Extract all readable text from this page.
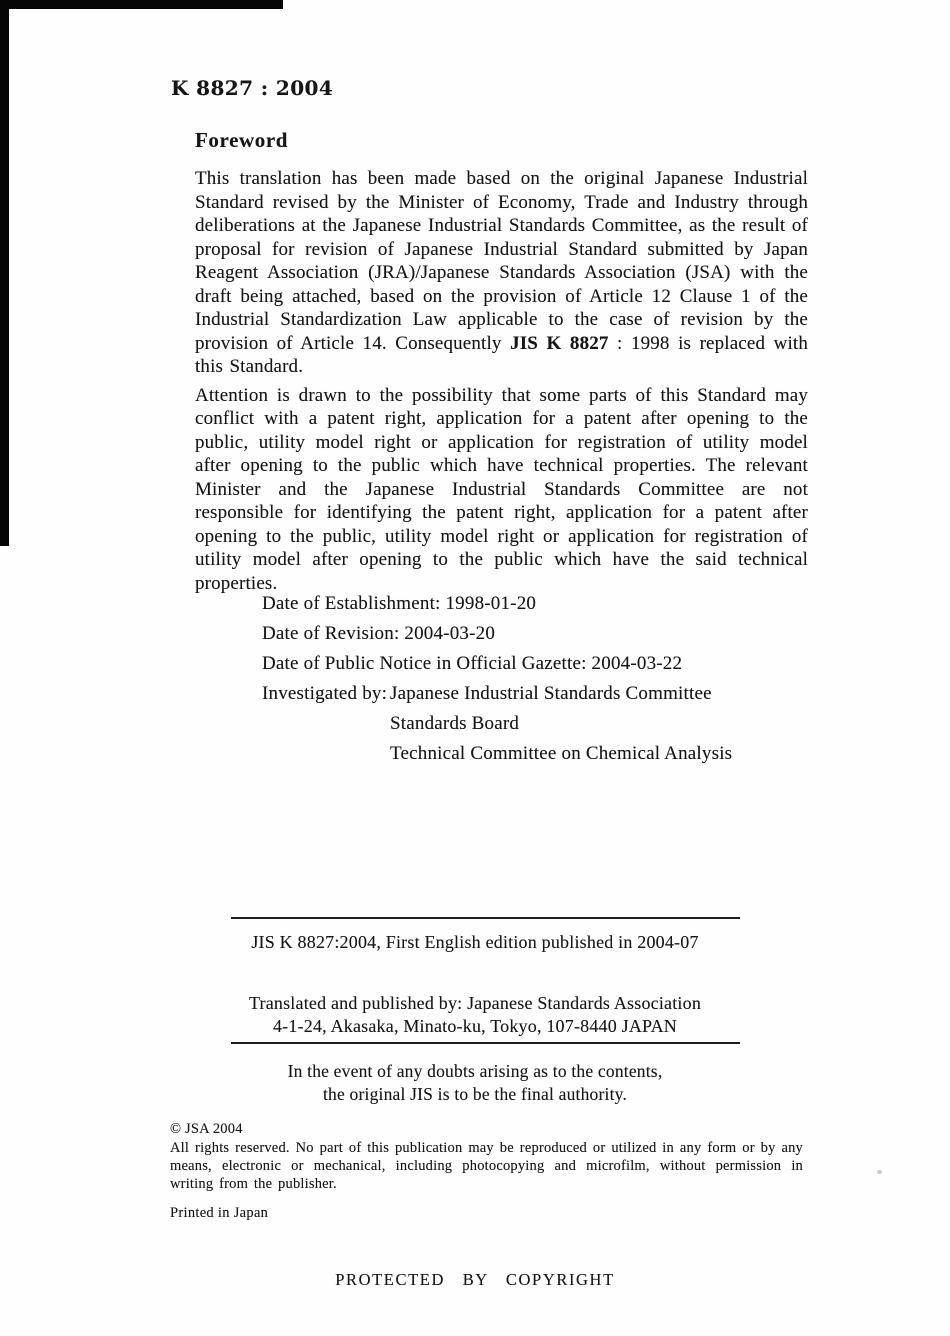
K 8827 : 2004
Foreword

This translation has been made based on the original Japanese Industrial Standard revised by the Minister of Economy, Trade and Industry through deliberations at the Japanese Industrial Standards Committee, as the result of proposal for revision of Japanese Industrial Standard submitted by Japan Reagent Association (JRA)/Japanese Standards Association (JSA) with the draft being attached, based on the provision of Article 12 Clause 1 of the Industrial Standardization Law applicable to the case of revision by the provision of Article 14. Consequently JIS K 8827 : 1998 is replaced with this Standard.

Attention is drawn to the possibility that some parts of this Standard may conflict with a patent right, application for a patent after opening to the public, utility model right or application for registration of utility model after opening to the public which have technical properties. The relevant Minister and the Japanese Industrial Standards Committee are not responsible for identifying the patent right, application for a patent after opening to the public, utility model right or application for registration of utility model after opening to the public which have the said technical properties.

Date of Establishment: 1998-01-20
Date of Revision: 2004-03-20
Date of Public Notice in Official Gazette: 2004-03-22
Investigated by: Japanese Industrial Standards Committee
Standards Board
Technical Committee on Chemical Analysis
JIS K 8827:2004, First English edition published in 2004-07
Translated and published by: Japanese Standards Association
4-1-24, Akasaka, Minato-ku, Tokyo, 107-8440 JAPAN
In the event of any doubts arising as to the contents,
the original JIS is to be the final authority.
© JSA 2004
All rights reserved. No part of this publication may be reproduced or utilized in any form or by any means, electronic or mechanical, including photocopying and microfilm, without permission in writing from the publisher.
Printed in Japan
PROTECTED BY COPYRIGHT
